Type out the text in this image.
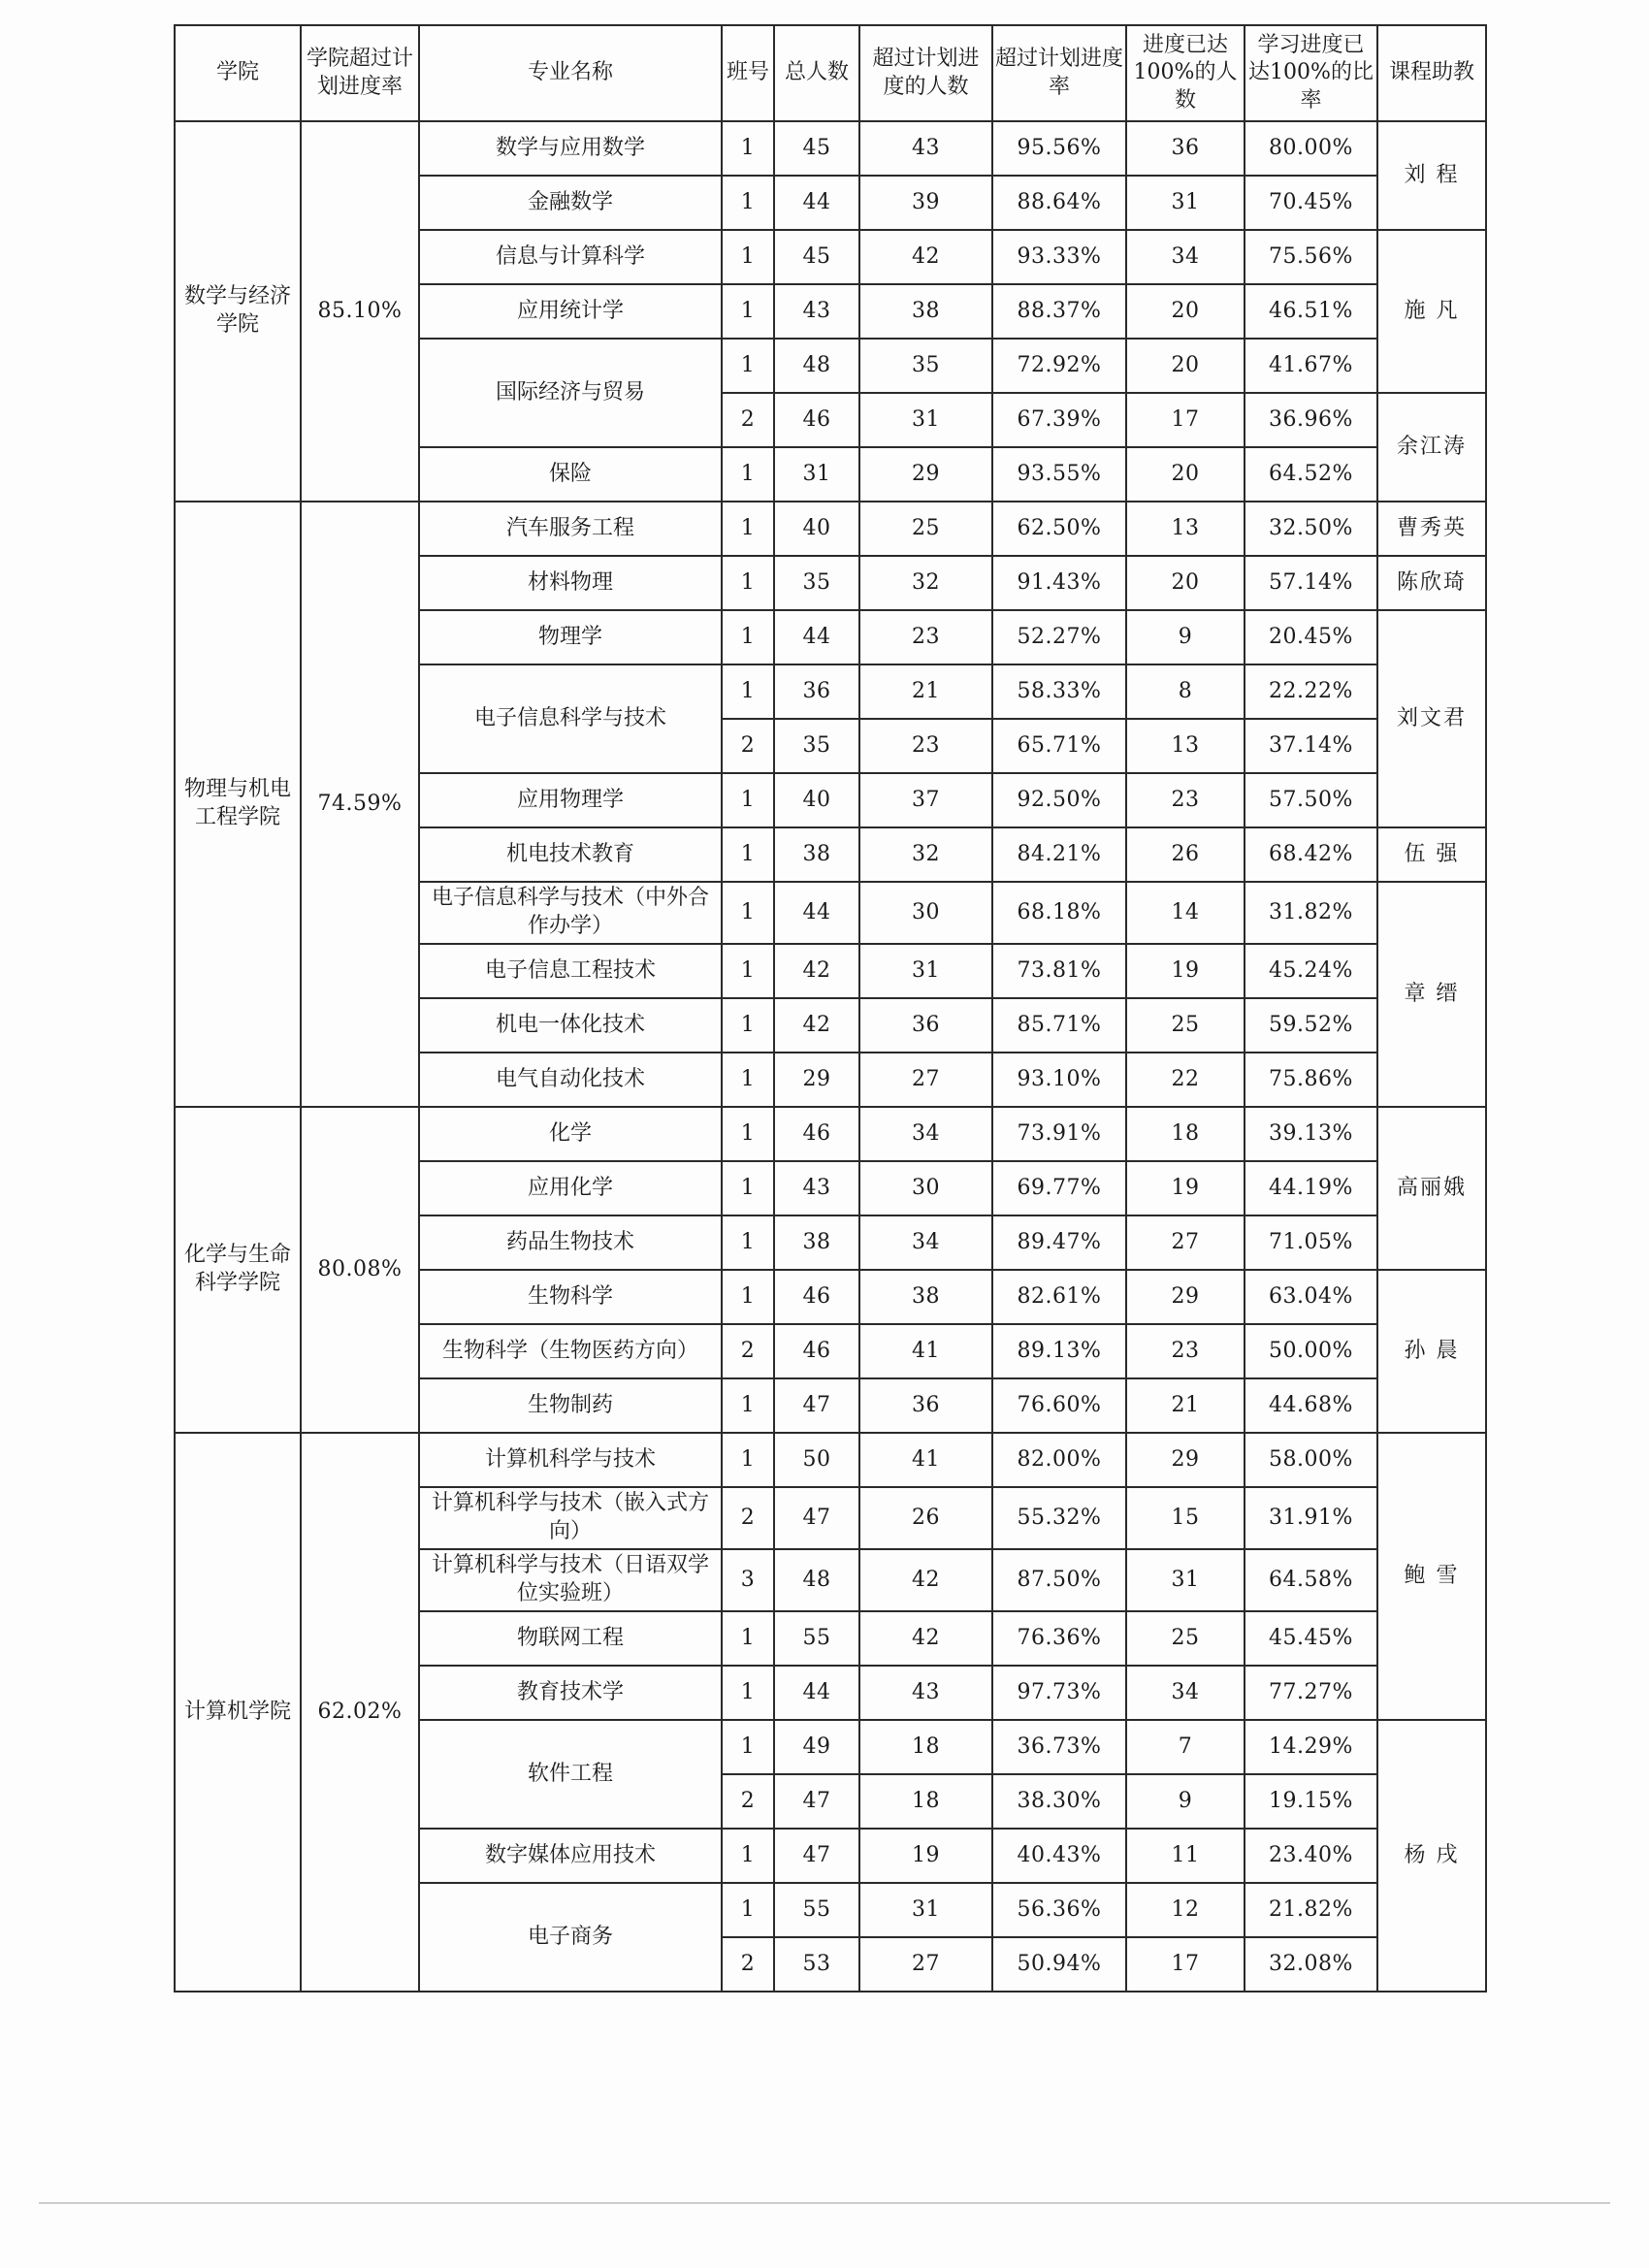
学院	学院超过计划进度率	专业名称	班号	总人数	超过计划进度的人数	超过计划进度率	进度已达100%的人数	学习进度已达100%的比率	课程助教
数学与经济学院	85.10%	数学与应用数学	1	45	43	95.56%	36	80.00%	刘 程

		金融数学	1	44	39	88.64%	31	70.45%	
		信息与计算科学	1	45	42	93.33%	34	75.56%	施 凡

		应用统计学	1	43	38	88.37%	20	46.51%	
		国际经济与贸易	1	48	35	72.92%	20	41.67%	
			2	46	31	67.39%	17	36.96%	余江涛

		保险	1	31	29	93.55%	20	64.52%	
物理与机电工程学院	74.59%	汽车服务工程	1	40	25	62.50%	13	32.50%	曹秀英

		材料物理	1	35	32	91.43%	20	57.14%	陈欣琦

		物理学	1	44	23	52.27%	9	20.45%	刘文君

		电子信息科学与技术	1	36	21	58.33%	8	22.22%	
			2	35	23	65.71%	13	37.14%	
		应用物理学	1	40	37	92.50%	23	57.50%	
		机电技术教育	1	38	32	84.21%	26	68.42%	伍 强

		电子信息科学与技术（中外合作办学）	1	44	30	68.18%	14	31.82%	章 缙

		电子信息工程技术	1	42	31	73.81%	19	45.24%	
		机电一体化技术	1	42	36	85.71%	25	59.52%	
		电气自动化技术	1	29	27	93.10%	22	75.86%	
化学与生命科学学院	80.08%	化学	1	46	34	73.91%	18	39.13%	高丽娥

		应用化学	1	43	30	69.77%	19	44.19%	
		药品生物技术	1	38	34	89.47%	27	71.05%	
		生物科学	1	46	38	82.61%	29	63.04%	孙 晨

		生物科学（生物医药方向）	2	46	41	89.13%	23	50.00%	
		生物制药	1	47	36	76.60%	21	44.68%	
计算机学院	62.02%	计算机科学与技术	1	50	41	82.00%	29	58.00%	鲍 雪

		计算机科学与技术（嵌入式方向）	2	47	26	55.32%	15	31.91%	
		计算机科学与技术（日语双学位实验班）	3	48	42	87.50%	31	64.58%	
		物联网工程	1	55	42	76.36%	25	45.45%	
		教育技术学	1	44	43	97.73%	34	77.27%	
		软件工程	1	49	18	36.73%	7	14.29%	杨 戌

			2	47	18	38.30%	9	19.15%	
		数字媒体应用技术	1	47	19	40.43%	11	23.40%	
		电子商务	1	55	31	56.36%	12	21.82%	
			2	53	27	50.94%	17	32.08%	
